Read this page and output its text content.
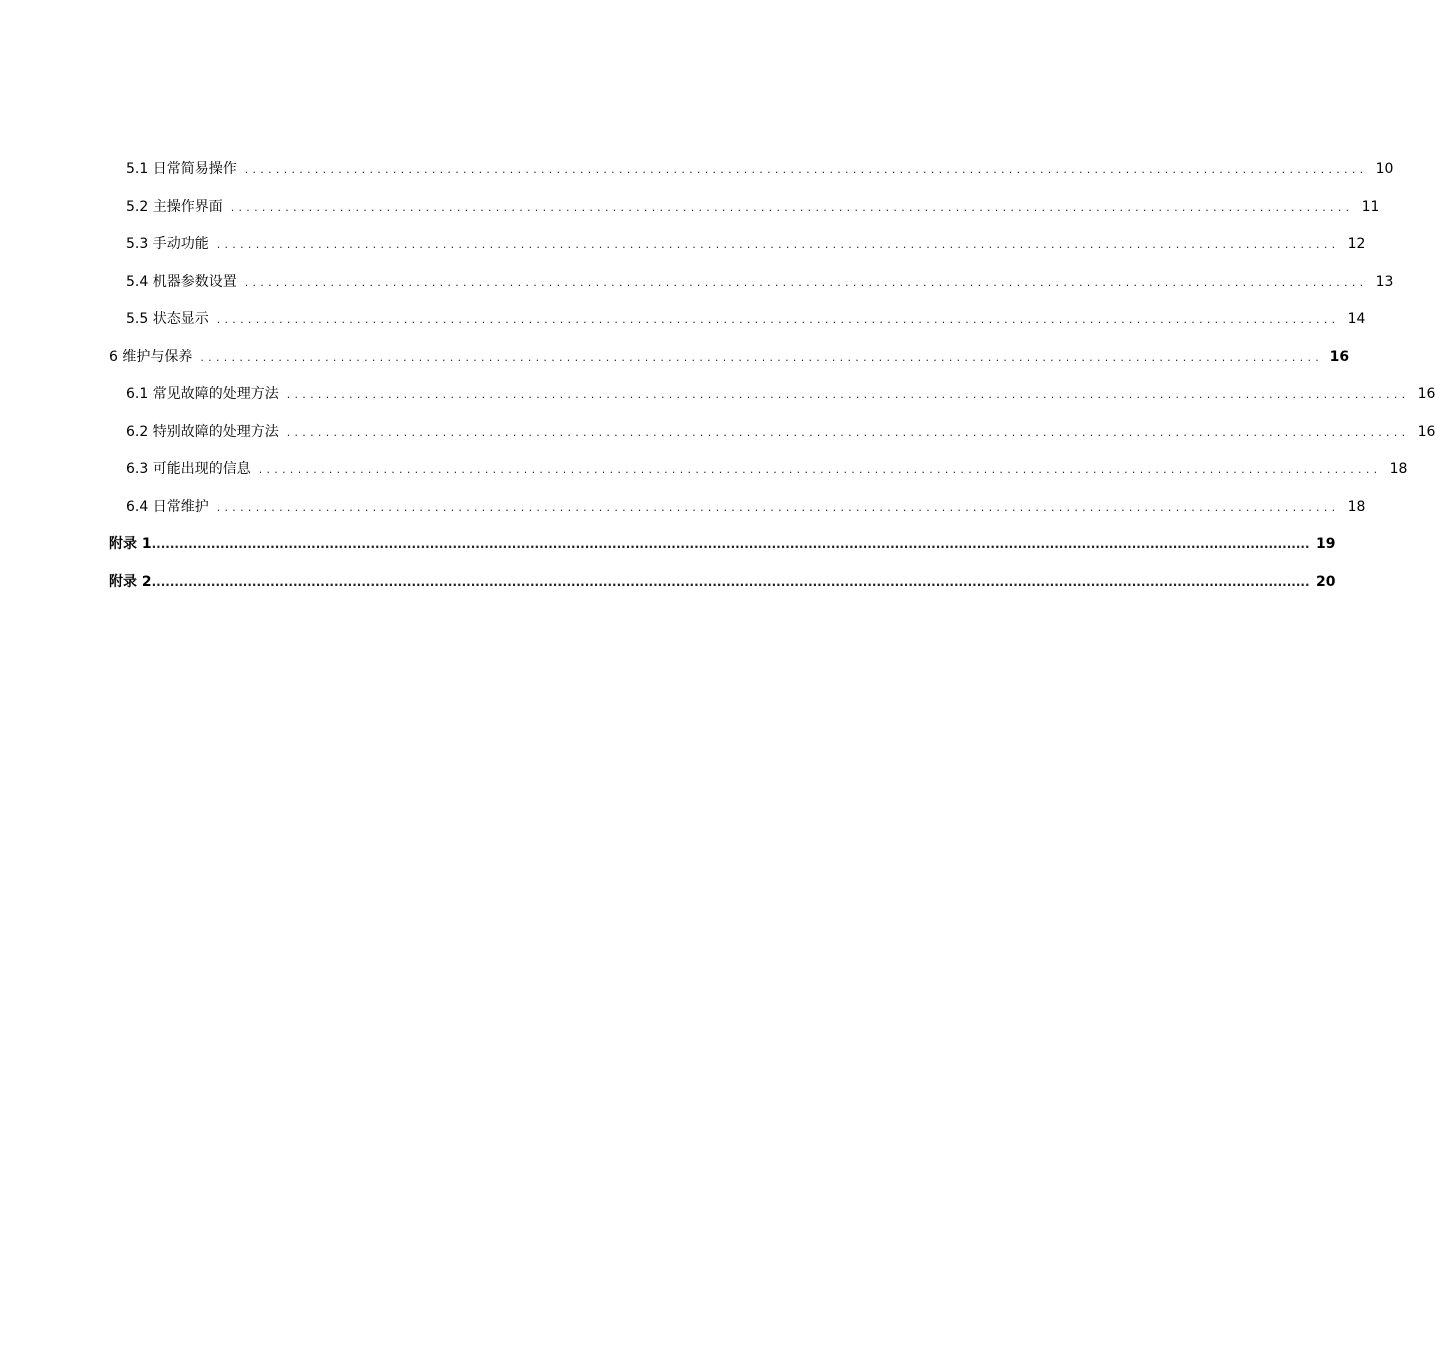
5.1 日常简易操作 ................................................................................................................................................ 10
5.2 主操作界面 ................................................................................................................................................ 11
5.3 手动功能 ................................................................................................................................................ 12
5.4 机器参数设置 ................................................................................................................................................ 13
5.5 状态显示 ................................................................................................................................................ 14
6 维护与保养 ................................................................................................................................................ 16
6.1 常见故障的处理方法 ................................................................................................................................................ 16
6.2 特别故障的处理方法 ................................................................................................................................................ 16
6.3 可能出现的信息 ................................................................................................................................................ 18
6.4 日常维护 ................................................................................................................................................ 18
附录 1 .............................................................................................................................................................................................................................................................. 19
附录 2 .............................................................................................................................................................................................................................................................. 20
